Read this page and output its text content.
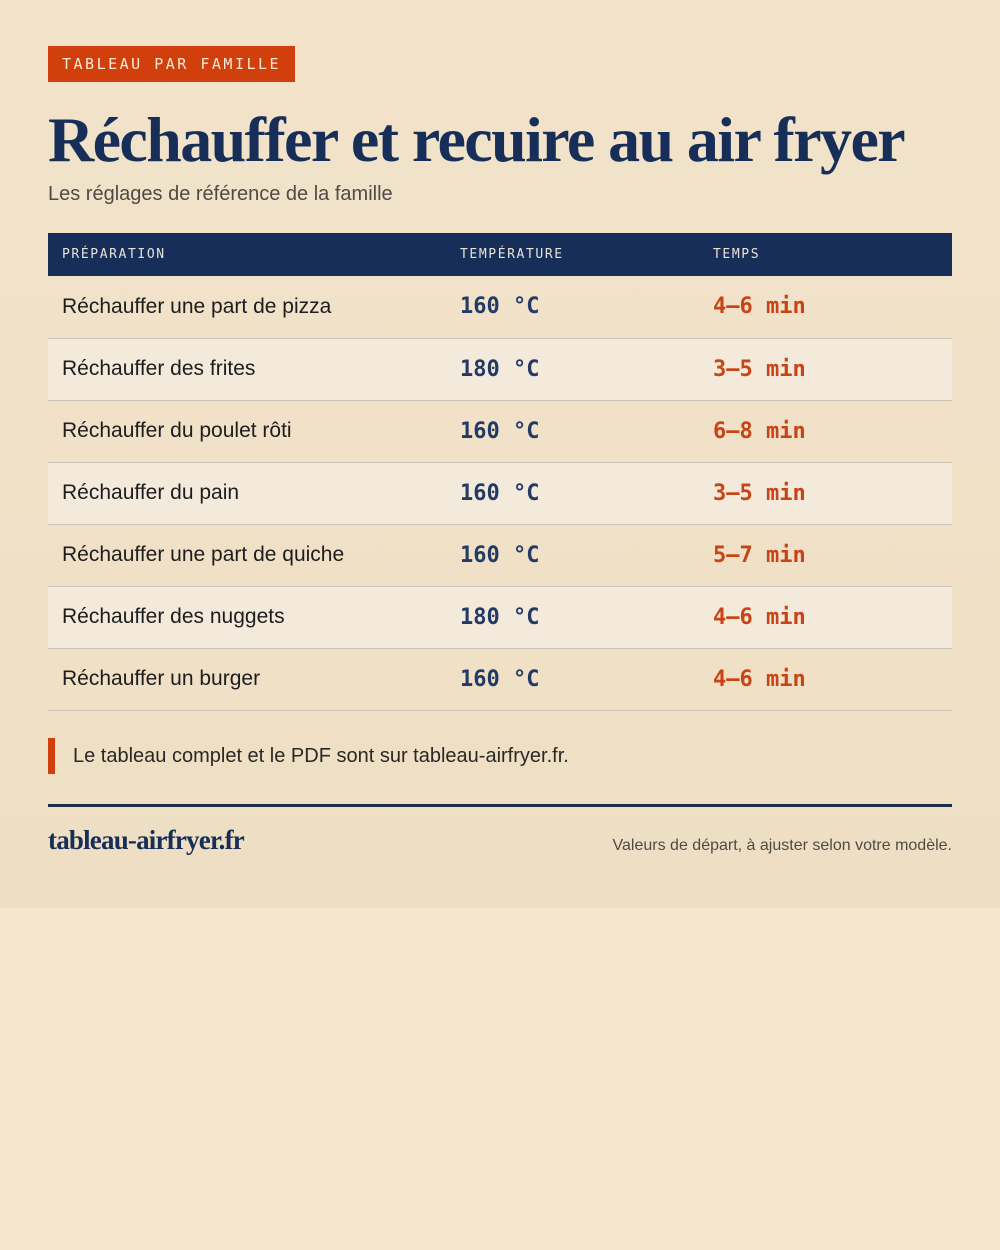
TABLEAU PAR FAMILLE
Réchauffer et recuire au air fryer
Les réglages de référence de la famille
PRÉPARATION	TEMPÉRATURE	TEMPS
Réchauffer une part de pizza	160 °C	4–6 min
Réchauffer des frites	180 °C	3–5 min
Réchauffer du poulet rôti	160 °C	6–8 min
Réchauffer du pain	160 °C	3–5 min
Réchauffer une part de quiche	160 °C	5–7 min
Réchauffer des nuggets	180 °C	4–6 min
Réchauffer un burger	160 °C	4–6 min
Le tableau complet et le PDF sont sur tableau-airfryer.fr.
tableau-airfryer.fr	Valeurs de départ, à ajuster selon votre modèle.
